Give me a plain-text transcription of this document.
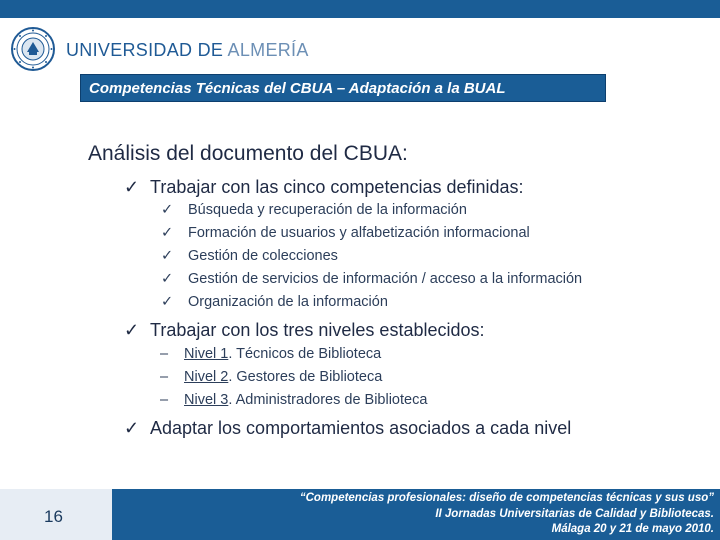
UNIVERSIDAD DE ALMERÍA
Competencias Técnicas del CBUA – Adaptación a la BUAL
Análisis del documento del CBUA:
✓ Trabajar con las cinco competencias definidas:
✓ Búsqueda y recuperación de la información
✓ Formación de usuarios y alfabetización informacional
✓ Gestión de colecciones
✓ Gestión de servicios de información / acceso a la información
✓ Organización de la información
✓ Trabajar con los tres niveles establecidos:
– Nivel 1. Técnicos de Biblioteca
– Nivel 2. Gestores de Biblioteca
– Nivel 3. Administradores de Biblioteca
✓ Adaptar los comportamientos asociados a cada nivel
16
“Competencias profesionales: diseño de competencias técnicas y sus uso”
II Jornadas Universitarias de Calidad y Bibliotecas.
Málaga 20 y 21 de mayo 2010.
